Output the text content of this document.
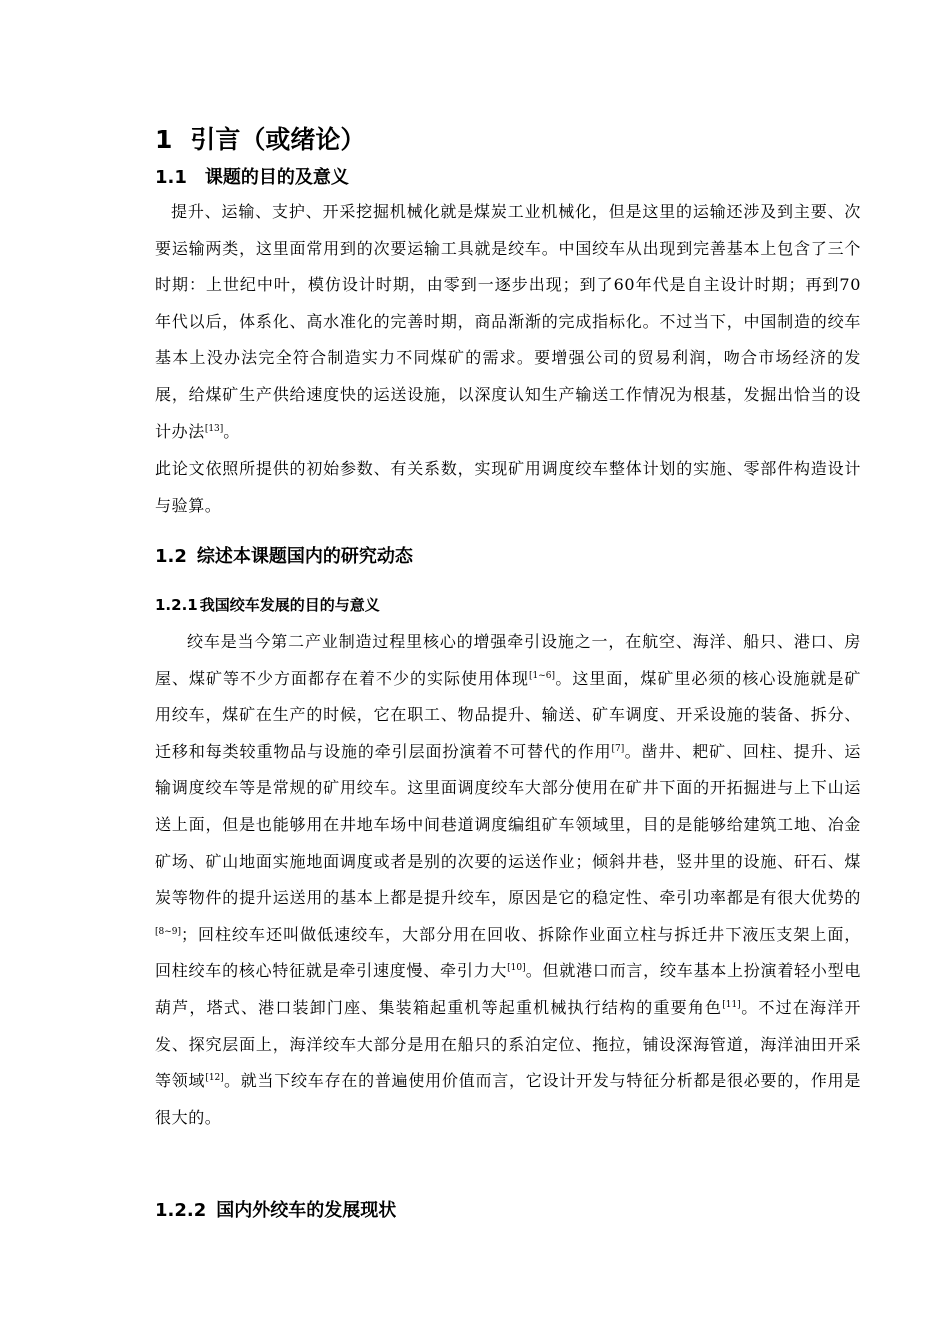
1 引言（或绪论）
1.1 课题的目的及意义
提升、运输、支护、开采挖掘机械化就是煤炭工业机械化，但是这里的运输还涉及到主要、次要运输两类，这里面常用到的次要运输工具就是绞车。中国绞车从出现到完善基本上包含了三个时期：上世纪中叶，模仿设计时期，由零到一逐步出现；到了60年代是自主设计时期；再到70年代以后，体系化、高水准化的完善时期，商品渐渐的完成指标化。不过当下，中国制造的绞车基本上没办法完全符合制造实力不同煤矿的需求。要增强公司的贸易利润，吻合市场经济的发展，给煤矿生产供给速度快的运送设施，以深度认知生产输送工作情况为根基，发掘出恰当的设计办法[13]。
此论文依照所提供的初始参数、有关系数，实现矿用调度绞车整体计划的实施、零部件构造设计与验算。
1.2 综述本课题国内的研究动态
1.2.1 我国绞车发展的目的与意义
绞车是当今第二产业制造过程里核心的增强牵引设施之一，在航空、海洋、船只、港口、房屋、煤矿等不少方面都存在着不少的实际使用体现[1~6]。这里面，煤矿里必须的核心设施就是矿用绞车，煤矿在生产的时候，它在职工、物品提升、输送、矿车调度、开采设施的装备、拆分、迁移和每类较重物品与设施的牵引层面扮演着不可替代的作用[7]。凿井、耙矿、回柱、提升、运输调度绞车等是常规的矿用绞车。这里面调度绞车大部分使用在矿井下面的开拓掘进与上下山运送上面，但是也能够用在井地车场中间巷道调度编组矿车领域里，目的是能够给建筑工地、冶金矿场、矿山地面实施地面调度或者是别的次要的运送作业；倾斜井巷，竖井里的设施、矸石、煤炭等物件的提升运送用的基本上都是提升绞车，原因是它的稳定性、牵引功率都是有很大优势的[8~9]；回柱绞车还叫做低速绞车，大部分用在回收、拆除作业面立柱与拆迁井下液压支架上面，回柱绞车的核心特征就是牵引速度慢、牵引力大[10]。但就港口而言，绞车基本上扮演着轻小型电葫芦，塔式、港口装卸门座、集装箱起重机等起重机械执行结构的重要角色[11]。不过在海洋开发、探究层面上，海洋绞车大部分是用在船只的系泊定位、拖拉，铺设深海管道，海洋油田开采等领域[12]。就当下绞车存在的普遍使用价值而言，它设计开发与特征分析都是很必要的，作用是很大的。
1.2.2 国内外绞车的发展现状
